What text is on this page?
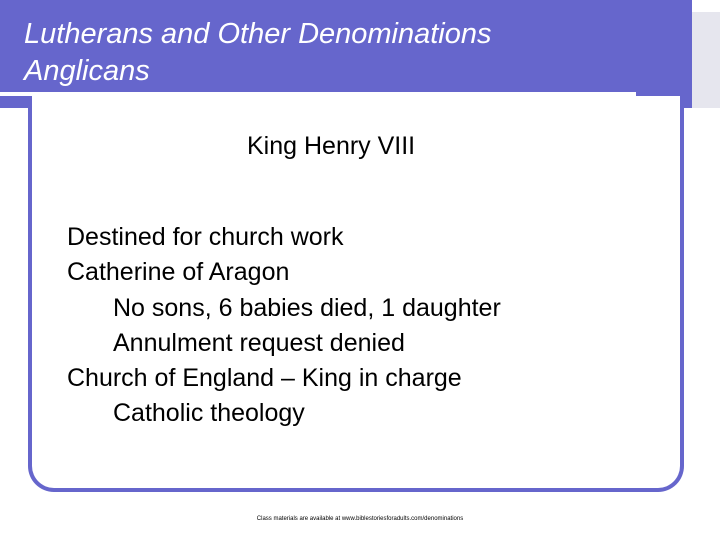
Lutherans and Other Denominations
Anglicans
King Henry VIII
Destined for church work
Catherine of Aragon
No sons, 6 babies died, 1 daughter
Annulment request denied
Church of England – King in charge
Catholic theology
Class materials are available at www.biblestoriesforadults.com/denominations
